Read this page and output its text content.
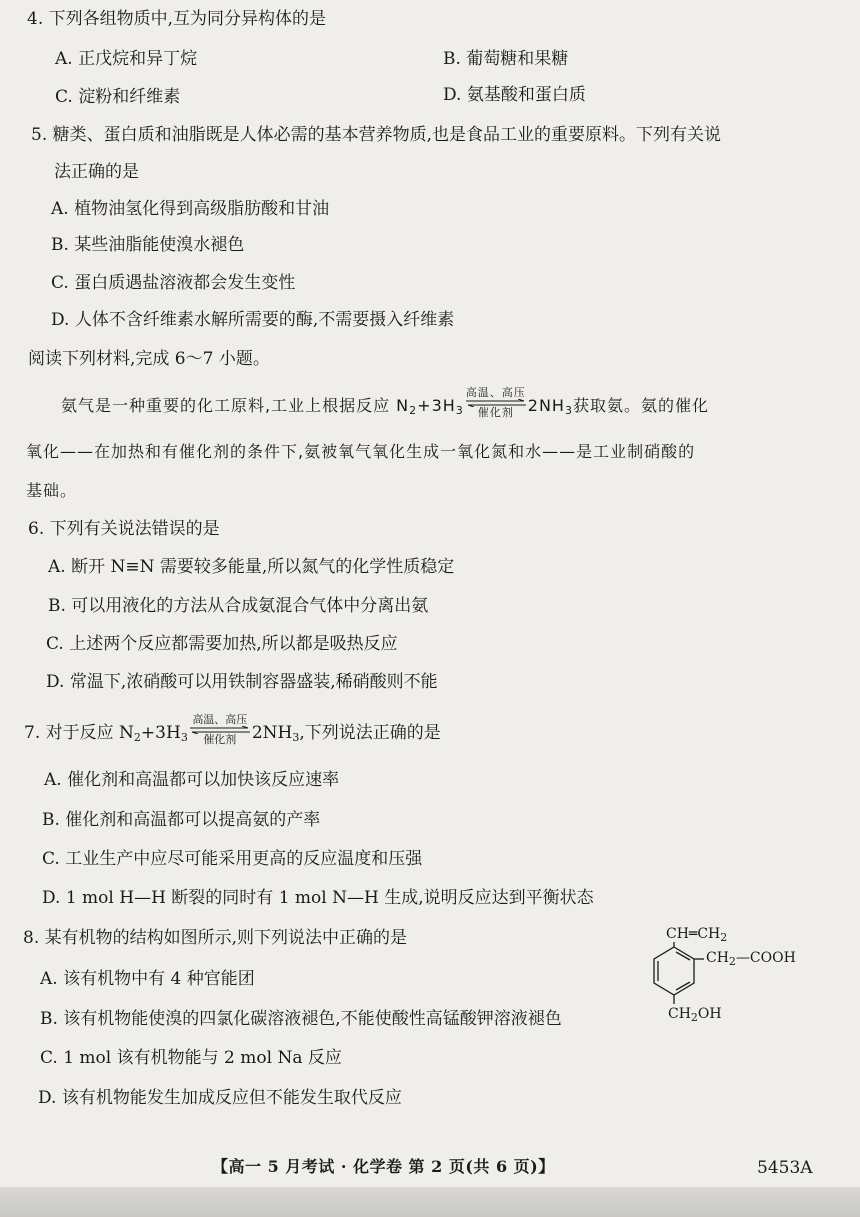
4. 下列各组物质中,互为同分异构体的是
A. 正戊烷和异丁烷	B. 葡萄糖和果糖
C. 淀粉和纤维素	D. 氨基酸和蛋白质
5. 糖类、蛋白质和油脂既是人体必需的基本营养物质,也是食品工业的重要原料。下列有关说
法正确的是
A. 植物油氢化得到高级脂肪酸和甘油
B. 某些油脂能使溴水褪色
C. 蛋白质遇盐溶液都会发生变性
D. 人体不含纤维素水解所需要的酶,不需要摄入纤维素
阅读下列材料,完成 6～7 小题。
氨气是一种重要的化工原料,工业上根据反应 $N_2+3H_3$
高温、高压
催化剂 $2NH_3$获取氨。氨的催化
氧化——在加热和有催化剂的条件下,氨被氧气氧化生成一氧化氮和水——是工业制硝酸的
基础。
6. 下列有关说法错误的是
A. 断开 N≡N 需要较多能量,所以氮气的化学性质稳定
B. 可以用液化的方法从合成氨混合气体中分离出氨
C. 上述两个反应都需要加热,所以都是吸热反应
D. 常温下,浓硝酸可以用铁制容器盛装,稀硝酸则不能
7. 对于反应 $N_2+3H_3$
高温、高压
催化剂 $2NH_3$,下列说法正确的是
A. 催化剂和高温都可以加快该反应速率
B. 催化剂和高温都可以提高氨的产率
C. 工业生产中应尽可能采用更高的反应温度和压强
D. 1 mol H—H 断裂的同时有 1 mol N—H 生成,说明反应达到平衡状态
8. 某有机物的结构如图所示,则下列说法中正确的是
A. 该有机物中有 4 种官能团
B. 该有机物能使溴的四氯化碳溶液褪色,不能使酸性高锰酸钾溶液褪色
C. 1 mol 该有机物能与 2 mol Na 反应
D. 该有机物能发生加成反应但不能发生取代反应
$CH═CH_2$
$CH_2—COOH$
$CH_2OH$
【高一 5 月考试 · 化学卷 第 2 页(共 6 页)】	5453A
